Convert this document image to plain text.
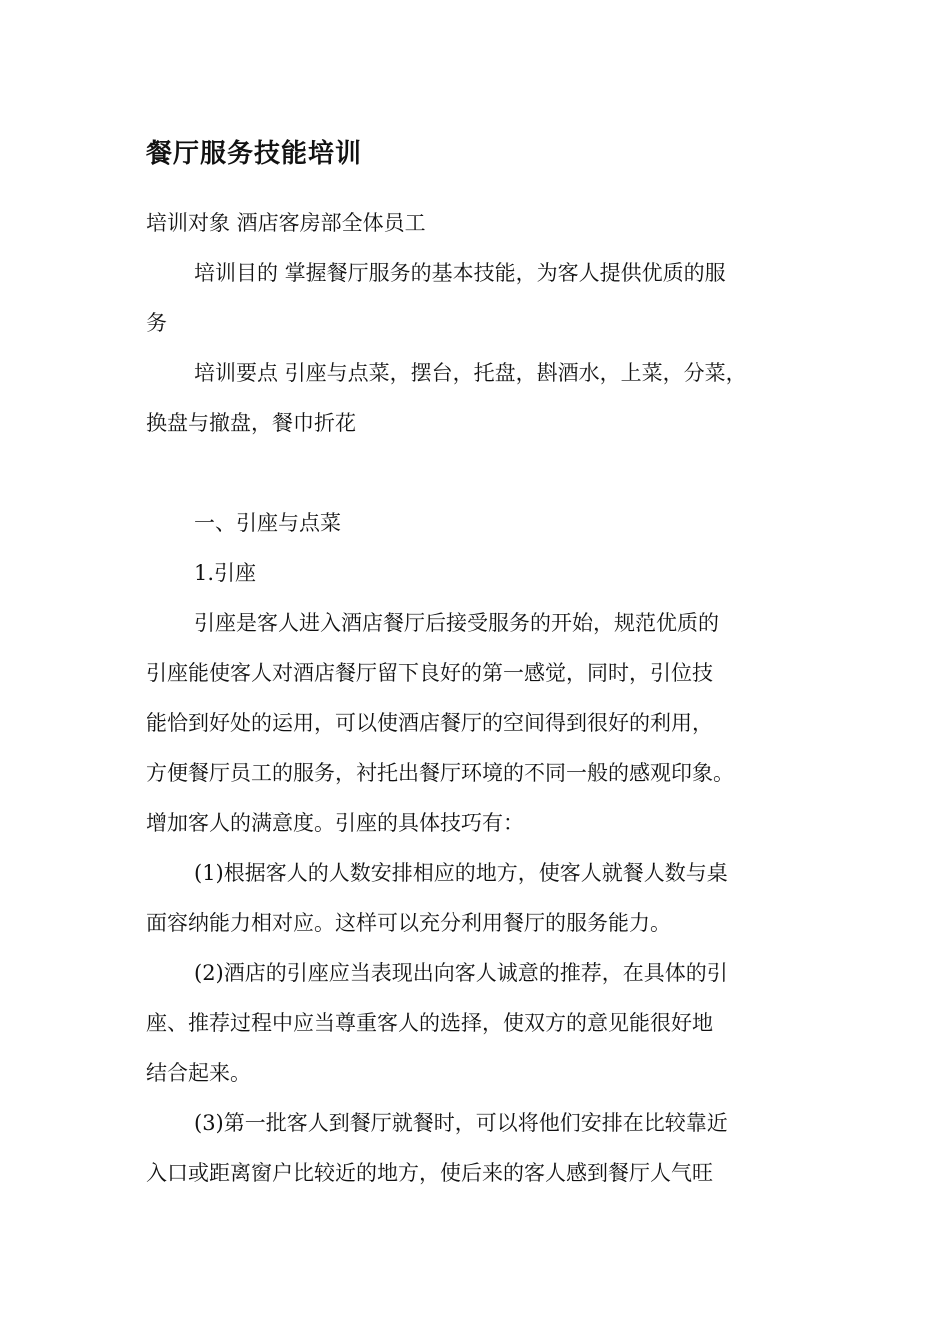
餐厅服务技能培训
培训对象 酒店客房部全体员工
培训目的 掌握餐厅服务的基本技能，为客人提供优质的服
务
培训要点 引座与点菜，摆台，托盘，斟酒水，上菜，分菜，
换盘与撤盘，餐巾折花
一、引座与点菜
1.引座
引座是客人进入酒店餐厅后接受服务的开始，规范优质的
引座能使客人对酒店餐厅留下良好的第一感觉，同时，引位技
能恰到好处的运用，可以使酒店餐厅的空间得到很好的利用，
方便餐厅员工的服务，衬托出餐厅环境的不同一般的感观印象。
增加客人的满意度。引座的具体技巧有：
(1)根据客人的人数安排相应的地方，使客人就餐人数与桌
面容纳能力相对应。这样可以充分利用餐厅的服务能力。
(2)酒店的引座应当表现出向客人诚意的推荐，在具体的引
座、推荐过程中应当尊重客人的选择，使双方的意见能很好地
结合起来。
(3)第一批客人到餐厅就餐时，可以将他们安排在比较靠近
入口或距离窗户比较近的地方，使后来的客人感到餐厅人气旺
